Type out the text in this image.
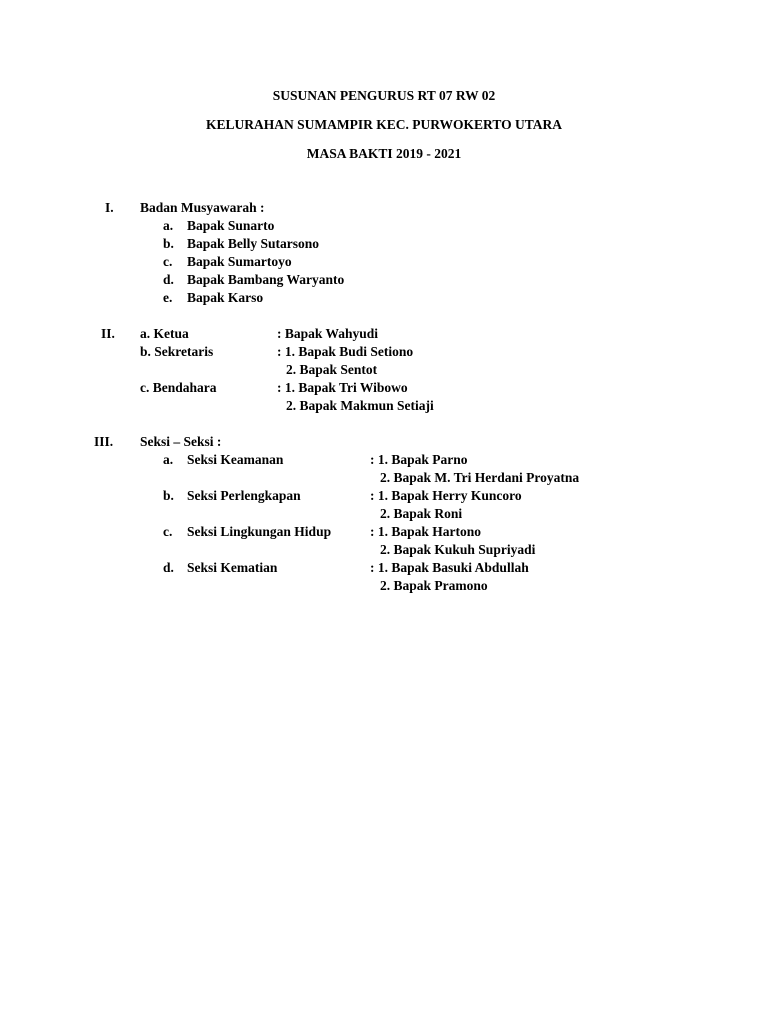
SUSUNAN PENGURUS RT 07 RW 02
KELURAHAN SUMAMPIR KEC. PURWOKERTO UTARA
MASA BAKTI 2019 - 2021
I. Badan Musyawarah :
a. Bapak Sunarto
b. Bapak Belly Sutarsono
c. Bapak Sumartoyo
d. Bapak Bambang Waryanto
e. Bapak Karso
II. a. Ketua	: Bapak Wahyudi
b. Sekretaris	: 1. Bapak Budi Setiono
2. Bapak Sentot
c. Bendahara	: 1. Bapak Tri Wibowo
2. Bapak Makmun Setiaji
III. Seksi – Seksi :
a. Seksi Keamanan	: 1. Bapak Parno
2. Bapak M. Tri Herdani Proyatna
b. Seksi Perlengkapan	: 1. Bapak Herry Kuncoro
2. Bapak Roni
c. Seksi Lingkungan Hidup	: 1. Bapak Hartono
2. Bapak Kukuh Supriyadi
d. Seksi Kematian	: 1. Bapak Basuki Abdullah
2. Bapak Pramono
